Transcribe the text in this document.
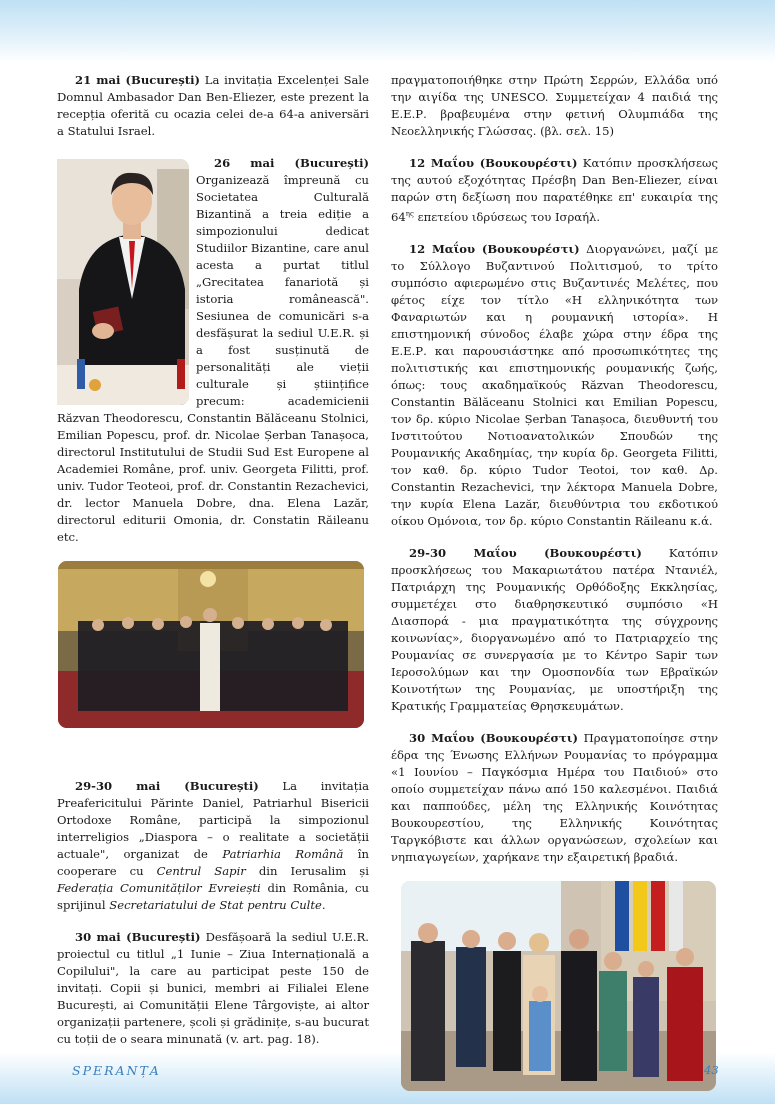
21 mai (București) La invitația Excelenței Sale Domnul Ambasador Dan Ben-Eliezer, este prezent la recepția oferită cu ocazia celei de-a 64-a aniversări a Statului Israel.

26 mai (București) Organizează împreună cu Societatea Culturală Bizantină a treia ediție a simpozionului dedicat Studiilor Bizantine, care anul acesta a purtat titlul „Grecitatea fanariotă și istoria românească". Sesiunea de comunicări s-a desfășurat la sediul U.E.R. și a fost susținută de personalități ale vieții culturale și științifice precum: academicienii Răzvan Theodorescu, Constantin Bălăceanu Stolnici, Emilian Popescu, prof. dr. Nicolae Șerban Tanașoca, directorul Institutului de Studii Sud Est Europene al Academiei Române, prof. univ. Georgeta Filitti, prof. univ. Tudor Teoteoi, prof. dr. Constantin Rezachevici, dr. lector Manuela Dobre, dna. Elena Lazăr, directorul editurii Omonia, dr. Constatin Răileanu etc.

29-30 mai (București) La invitația Preafericitului Părinte Daniel, Patriarhul Bisericii Ortodoxe Române, participă la simpozionul interreligios „Diaspora – o realitate a societății actuale", organizat de Patriarhia Română în cooperare cu Centrul Sapir din Ierusalim și Federația Comunităților Evreiești din România, cu sprijinul Secretariatului de Stat pentru Culte.

30 mai (București) Desfășoară la sediul U.E.R. proiectul cu titlul „1 Iunie – Ziua Internațională a Copilului", la care au participat peste 150 de invitați. Copii și bunici, membri ai Filialei Elene București, ai Comunității Elene Târgoviște, ai altor organizații partenere, școli și grădinițe, s-au bucurat cu toții de o seara minunată (v. art. pag. 18).

πραγματοποιήθηκε στην Πρώτη Σερρών, Ελλάδα υπό την αιγίδα της UNESCO. Συμμετείχαν 4 παιδιά της Ε.Ε.Ρ. βραβευμένα στην φετινή Ολυμπιάδα της Νεοελληνικής Γλώσσας. (βλ. σελ. 15)

12 Μαΐου (Βουκουρέστι) Κατόπιν προσκλήσεως της αυτού εξοχότητας Πρέσβη Dan Ben-Eliezer, είναι παρών στη δεξίωση που παρατέθηκε επ' ευκαιρία της $64^{\eta\varsigma}$ επετείου ιδρύσεως του Ισραήλ.

12 Μαΐου (Βουκουρέστι) Διοργανώνει, μαζί με το Σύλλογο Βυζαντινού Πολιτισμού, το τρίτο συμπόσιο αφιερωμένο στις Βυζαντινές Μελέτες, που φέτος είχε τον τίτλο «Η ελληνικότητα των Φαναριωτών και η ρουμανική ιστορία». Η επιστημονική σύνοδος έλαβε χώρα στην έδρα της Ε.Ε.Ρ. και παρουσιάστηκε από προσωπικότητες της πολιτιστικής και επιστημονικής ρουμανικής ζωής, όπως: τους ακαδημαϊκούς Răzvan Theodorescu, Constantin Bălăceanu Stolnici και Emilian Popescu, τον δρ. κύριο Nicolae Șerban Tanașoca, διευθυντή του Ινστιτούτου Νοτιοανατολικών Σπουδών της Ρουμανικής Ακαδημίας, την κυρία δρ. Georgeta Filitti, τον καθ. δρ. κύριο Tudor Teotoi, τον καθ. Δρ. Constantin Rezachevici, την λέκτορα Manuela Dobre, την κυρία Elena Lazăr, διευθύντρια του εκδοτικού οίκου Ομόνοια, τον δρ. κύριο Constantin Răileanu κ.ά.

29-30 Μαΐου (Βουκουρέστι) Κατόπιν προσκλήσεως του Μακαριωτάτου πατέρα Ντανιέλ, Πατριάρχη της Ρουμανικής Ορθόδοξης Εκκλησίας, συμμετέχει στο διαθρησκευτικό συμπόσιο «Η Διασπορά - μια πραγματικότητα της σύγχρονης κοινωνίας», διοργανωμένο από το Πατριαρχείο της Ρουμανίας σε συνεργασία με το Κέντρο Sapir των Ιεροσολύμων και την Ομοσπονδία των Εβραϊκών Κοινοτήτων της Ρουμανίας, με υποστήριξη της Κρατικής Γραμματείας Θρησκευμάτων.

30 Μαΐου (Βουκουρέστι) Πραγματοποίησε στην έδρα της Ένωσης Ελλήνων Ρουμανίας το πρόγραμμα «1 Ιουνίου – Παγκόσμια Ημέρα του Παιδιού» στο οποίο συμμετείχαν πάνω από 150 καλεσμένοι. Παιδιά και παππούδες, μέλη της Ελληνικής Κοινότητας Βουκουρεστίου, της Ελληνικής Κοινότητας Ταργκόβιστε και άλλων οργανώσεων, σχολείων και νηπιαγωγείων, χαρήκανε την εξαιρετική βραδιά.

SPERANȚA	43
